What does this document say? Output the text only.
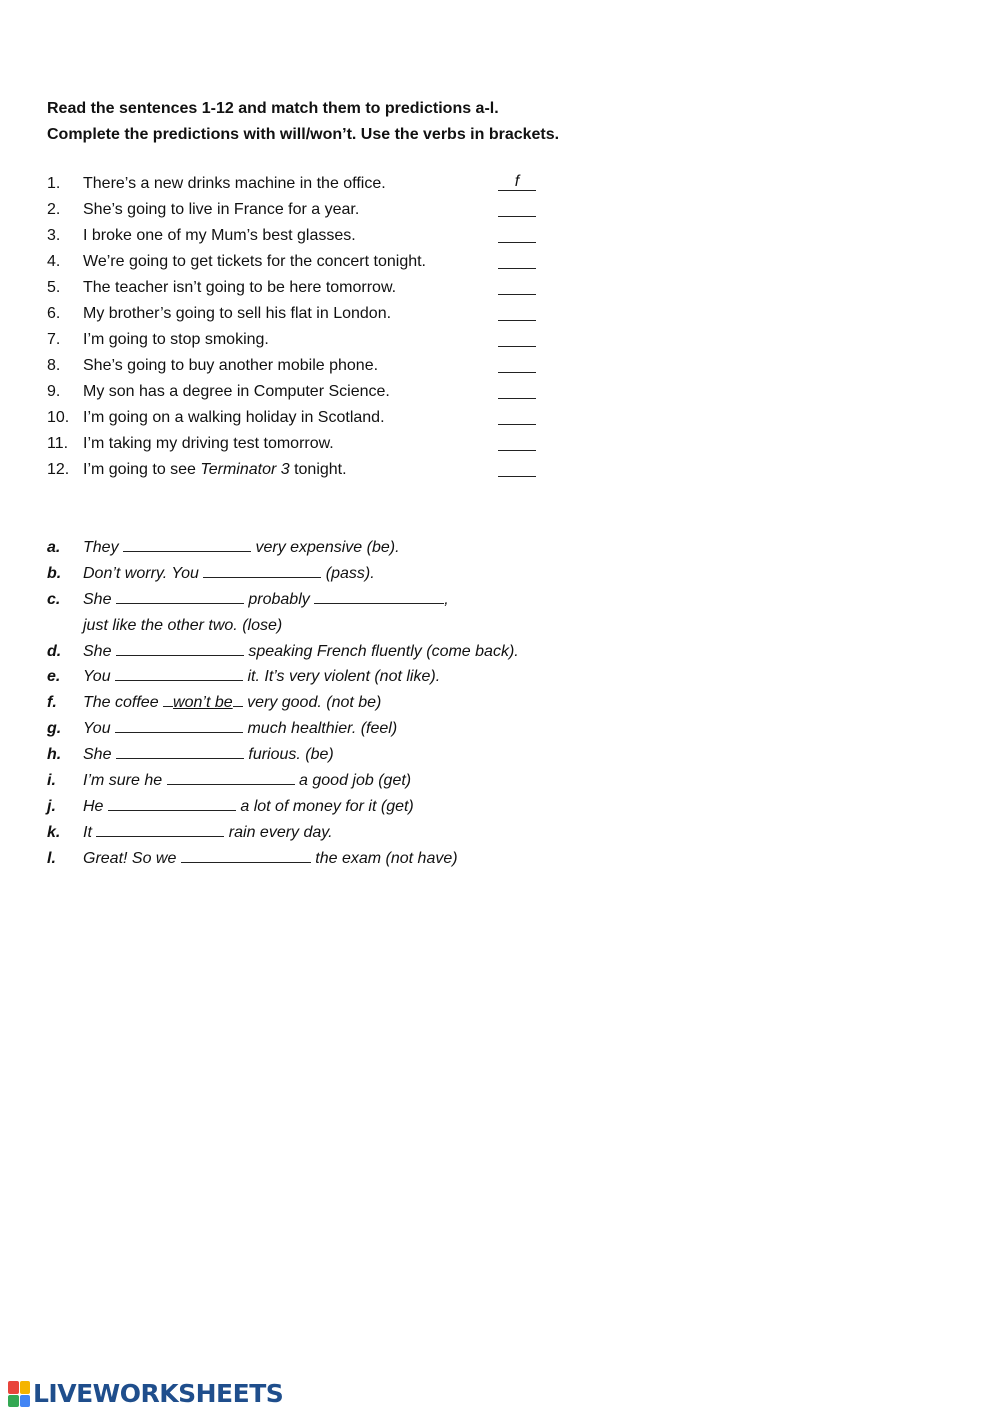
Read the sentences 1-12 and match them to predictions a-l.
Complete the predictions with will/won’t. Use the verbs in brackets.
1. There’s a new drinks machine in the office.	f
2. She’s going to live in France for a year.
3. I broke one of my Mum’s best glasses.
4. We’re going to get tickets for the concert tonight.
5. The teacher isn’t going to be here tomorrow.
6. My brother’s going to sell his flat in London.
7. I’m going to stop smoking.
8. She’s going to buy another mobile phone.
9. My son has a degree in Computer Science.
10. I’m going on a walking holiday in Scotland.
11. I’m taking my driving test tomorrow.
12. I’m going to see Terminator 3 tonight.
a. They	very expensive (be).
b. Don’t worry. You	(pass).
c. She	probably	,
just like the other two. (lose)
d. She	speaking French fluently (come back).
e. You	it. It’s very violent (not like).
f. The coffee won’t be very good. (not be)
g. You	much healthier. (feel)
h. She	furious. (be)
i. I’m sure he	a good job (get)
j. He	a lot of money for it (get)
k. It	rain every day.
l. Great! So we	the exam (not have)
LIVEWORKSHEETS
